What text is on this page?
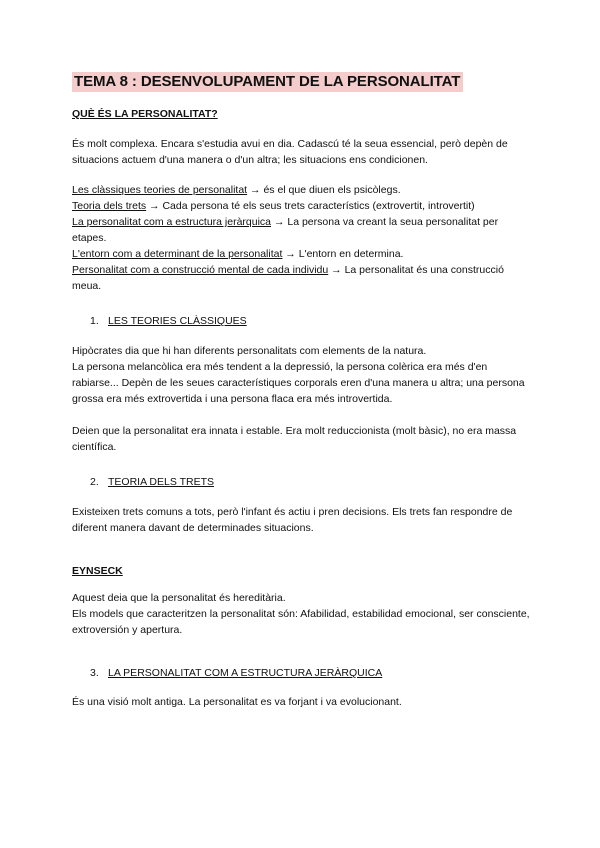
TEMA 8 : DESENVOLUPAMENT DE LA PERSONALITAT
QUÈ ÉS LA PERSONALITAT?

És molt complexa. Encara s'estudia avui en dia. Cadascú té la seua essencial, però depèn de situacions actuem d'una manera o d'un altra; les situacions ens condicionen.

Les clàssiques teories de personalitat → és el que diuen els psicòlegs.

Teoria dels trets → Cada persona té els seus trets característics (extrovertit, introvertit)

La personalitat com a estructura jeràrquica → La persona va creant la seua personalitat per etapes.

L'entorn com a determinant de la personalitat → L'entorn en determina.

Personalitat com a construcció mental de cada individu → La personalitat és una construcció meua.

1. LES TEORIES CLÀSSIQUES

Hipòcrates dia que hi han diferents personalitats com elements de la natura.

La persona melancòlica era més tendent a la depressió, la persona colèrica era més d'en rabiarse... Depèn de les seues característiques corporals eren d'una manera u altra; una persona grossa era més extrovertida i una persona flaca era més introvertida.

Deien que la personalitat era innata i estable. Era molt reduccionista (molt bàsic), no era massa científica.

2. TEORIA DELS TRETS

Existeixen trets comuns a tots, però l'infant és actiu i pren decisions. Els trets fan respondre de diferent manera davant de determinades situacions.

EYNSECK

Aquest deia que la personalitat és hereditària.

Els models que caracteritzen la personalitat són: Afabilidad, estabilidad emocional, ser consciente, extroversión y apertura.

3. LA PERSONALITAT COM A ESTRUCTURA JERÀRQUICA

És una visió molt antiga. La personalitat es va forjant i va evolucionant.
